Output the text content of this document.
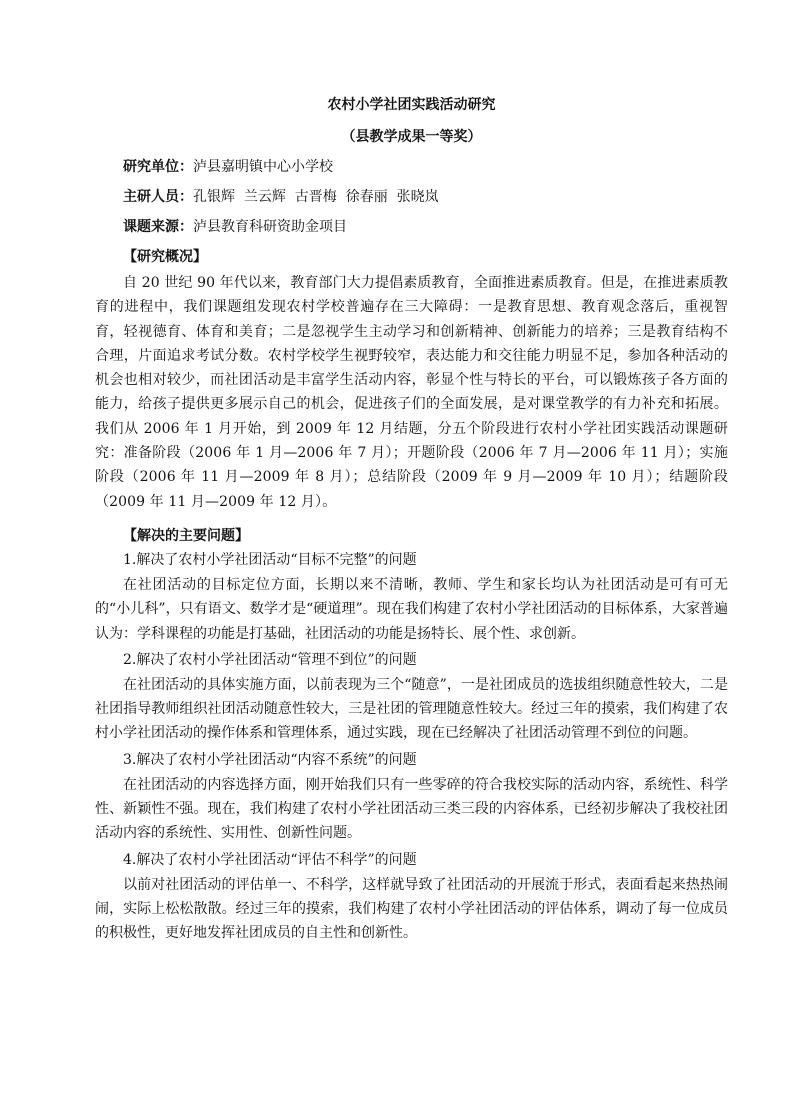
农村小学社团实践活动研究

（县教学成果一等奖）

研究单位：泸县嘉明镇中心小学校

主研人员：孔银辉  兰云辉  古晋梅  徐春丽  张晓岚

课题来源：泸县教育科研资助金项目

【研究概况】

自 20 世纪 90 年代以来，教育部门大力提倡素质教育，全面推进素质教育。但是，在推进素质教育的进程中，我们课题组发现农村学校普遍存在三大障碍：一是教育思想、教育观念落后，重视智育，轻视德育、体育和美育；二是忽视学生主动学习和创新精神、创新能力的培养；三是教育结构不合理，片面追求考试分数。农村学校学生视野较窄，表达能力和交往能力明显不足，参加各种活动的机会也相对较少，而社团活动是丰富学生活动内容，彰显个性与特长的平台，可以锻炼孩子各方面的能力，给孩子提供更多展示自己的机会，促进孩子们的全面发展，是对课堂教学的有力补充和拓展。我们从 2006 年 1 月开始，到 2009 年 12 月结题，分五个阶段进行农村小学社团实践活动课题研究：准备阶段（2006 年 1 月—2006 年 7 月）；开题阶段（2006 年 7 月—2006 年 11 月）；实施阶段（2006 年 11 月—2009 年 8 月）；总结阶段（2009 年 9 月—2009 年 10 月）；结题阶段（2009 年 11 月—2009 年 12 月）。

【解决的主要问题】

1.解决了农村小学社团活动“目标不完整”的问题

在社团活动的目标定位方面，长期以来不清晰，教师、学生和家长均认为社团活动是可有可无的“小儿科”，只有语文、数学才是“硬道理”。现在我们构建了农村小学社团活动的目标体系，大家普遍认为：学科课程的功能是打基础，社团活动的功能是扬特长、展个性、求创新。

2.解决了农村小学社团活动“管理不到位”的问题

在社团活动的具体实施方面，以前表现为三个“随意”，一是社团成员的选拔组织随意性较大，二是社团指导教师组织社团活动随意性较大，三是社团的管理随意性较大。经过三年的摸索，我们构建了农村小学社团活动的操作体系和管理体系，通过实践，现在已经解决了社团活动管理不到位的问题。

3.解决了农村小学社团活动“内容不系统”的问题

在社团活动的内容选择方面，刚开始我们只有一些零碎的符合我校实际的活动内容，系统性、科学性、新颖性不强。现在，我们构建了农村小学社团活动三类三段的内容体系，已经初步解决了我校社团活动内容的系统性、实用性、创新性问题。

4.解决了农村小学社团活动“评估不科学”的问题

以前对社团活动的评估单一、不科学，这样就导致了社团活动的开展流于形式，表面看起来热热闹闹，实际上松松散散。经过三年的摸索，我们构建了农村小学社团活动的评估体系，调动了每一位成员的积极性，更好地发挥社团成员的自主性和创新性。
